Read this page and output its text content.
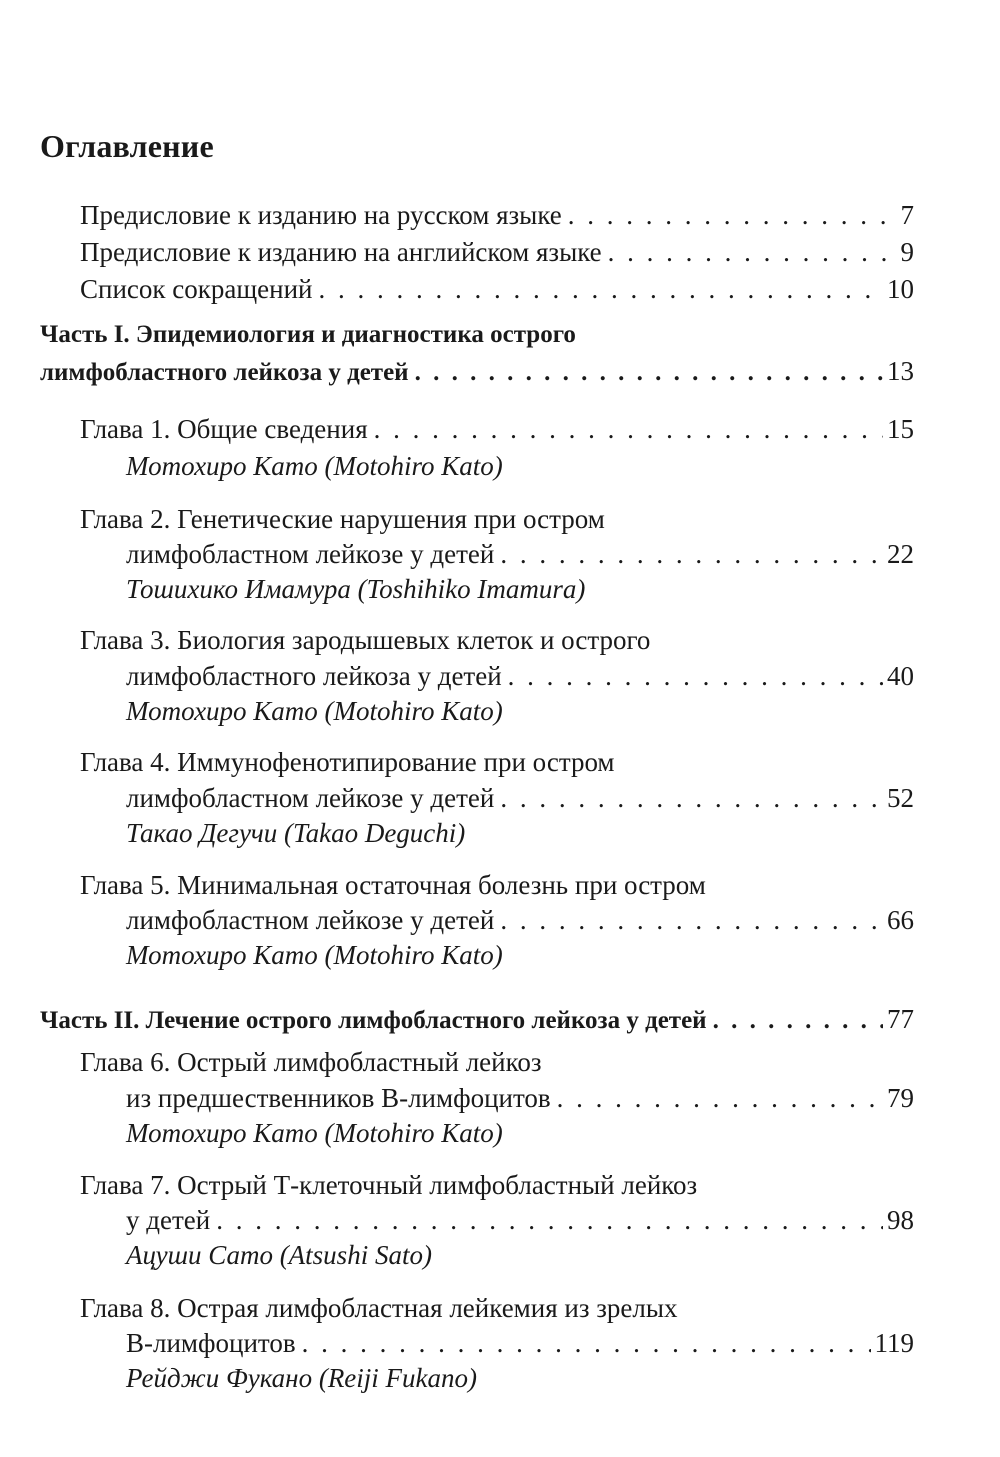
Оглавление
Предисловие к изданию на русском языке . . .	7
Предисловие к изданию на английском языке . . .	9
Список сокращений . . .	10
Часть I. Эпидемиология и диагностика острого
лимфобластного лейкоза у детей . . .	13
Глава 1. Общие сведения . . .	15
Мотохиро Като (Motohiro Kato)
Глава 2. Генетические нарушения при остром
лимфобластном лейкозе у детей . . .	22
Тошихико Имамура (Toshihiko Imamura)
Глава 3. Биология зародышевых клеток и острого
лимфобластного лейкоза у детей . . .	40
Мотохиро Като (Motohiro Kato)
Глава 4. Иммунофенотипирование при остром
лимфобластном лейкозе у детей . . .	52
Такао Дегучи (Takao Deguchi)
Глава 5. Минимальная остаточная болезнь при остром
лимфобластном лейкозе у детей . . .	66
Мотохиро Като (Motohiro Kato)
Часть II. Лечение острого лимфобластного лейкоза у детей . . .	77
Глава 6. Острый лимфобластный лейкоз
из предшественников В-лимфоцитов . . .	79
Мотохиро Като (Motohiro Kato)
Глава 7. Острый Т-клеточный лимфобластный лейкоз
у детей . . .	98
Ацуши Сато (Atsushi Sato)
Глава 8. Острая лимфобластная лейкемия из зрелых
В-лимфоцитов . . .	119
Рейджи Фукано (Reiji Fukano)
